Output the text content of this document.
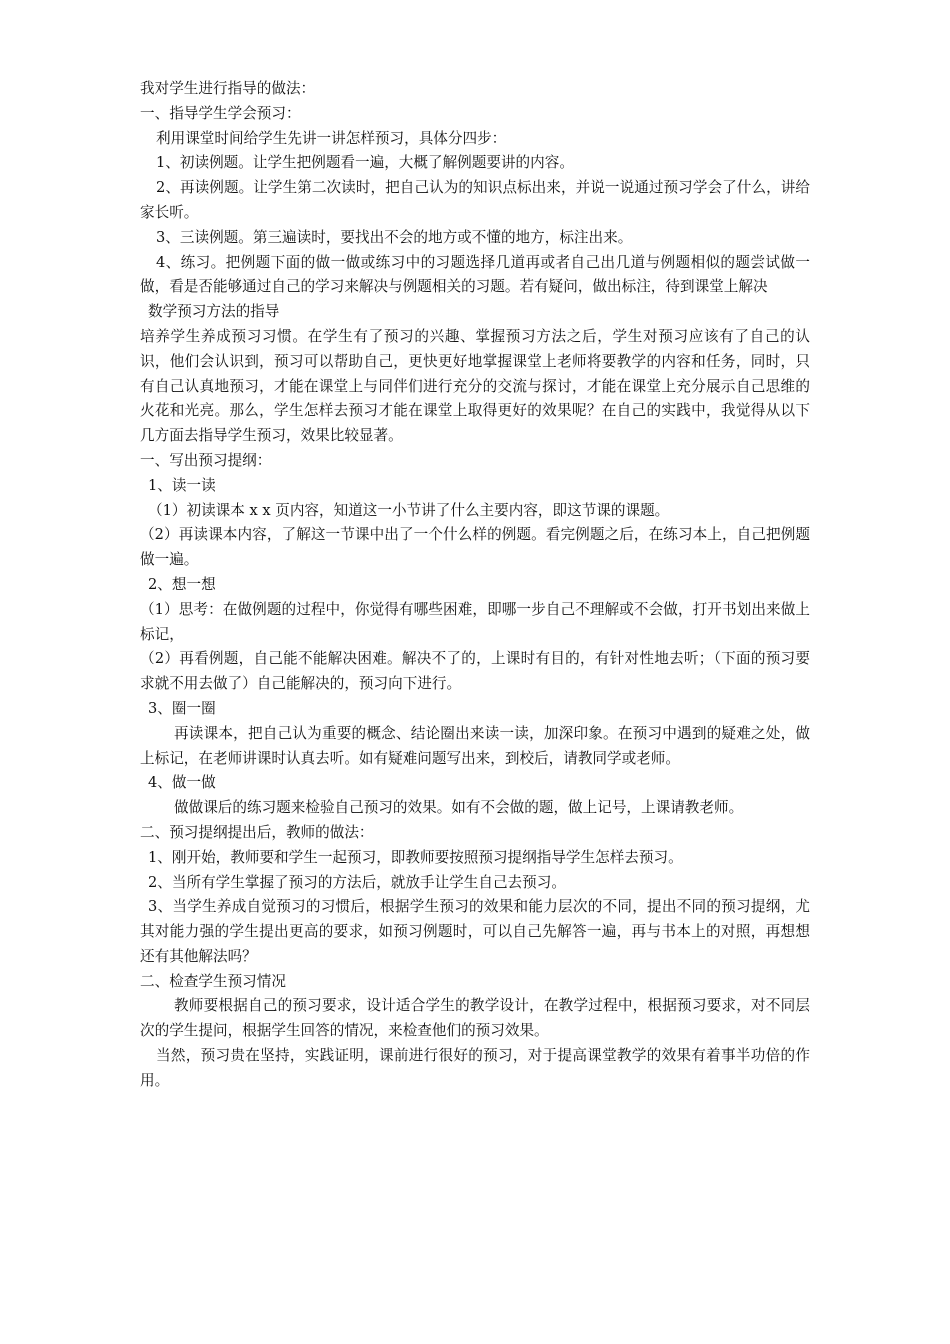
我对学生进行指导的做法：

一、指导学生学会预习：

利用课堂时间给学生先讲一讲怎样预习，具体分四步：

1、初读例题。让学生把例题看一遍，大概了解例题要讲的内容。

2、再读例题。让学生第二次读时，把自己认为的知识点标出来，并说一说通过预习学会了什么，讲给家长听。

3、三读例题。第三遍读时，要找出不会的地方或不懂的地方，标注出来。

4、练习。把例题下面的做一做或练习中的习题选择几道再或者自己出几道与例题相似的题尝试做一做，看是否能够通过自己的学习来解决与例题相关的习题。若有疑问，做出标注，待到课堂上解决

数学预习方法的指导

培养学生养成预习习惯。在学生有了预习的兴趣、掌握预习方法之后，学生对预习应该有了自己的认识，他们会认识到，预习可以帮助自己，更快更好地掌握课堂上老师将要教学的内容和任务，同时，只有自己认真地预习，才能在课堂上与同伴们进行充分的交流与探讨，才能在课堂上充分展示自己思维的火花和光亮。那么，学生怎样去预习才能在课堂上取得更好的效果呢？在自己的实践中，我觉得从以下几方面去指导学生预习，效果比较显著。

一、写出预习提纲：

1、读一读

（1）初读课本 x x 页内容，知道这一小节讲了什么主要内容，即这节课的课题。

（2）再读课本内容，了解这一节课中出了一个什么样的例题。看完例题之后，在练习本上，自己把例题做一遍。

2、想一想

（1）思考：在做例题的过程中，你觉得有哪些困难，即哪一步自己不理解或不会做，打开书划出来做上标记，

（2）再看例题，自己能不能解决困难。解决不了的，上课时有目的，有针对性地去听；（下面的预习要求就不用去做了）自己能解决的，预习向下进行。

3、圈一圈

再读课本，把自己认为重要的概念、结论圈出来读一读，加深印象。在预习中遇到的疑难之处，做上标记，在老师讲课时认真去听。如有疑难问题写出来，到校后，请教同学或老师。

4、做一做

做做课后的练习题来检验自己预习的效果。如有不会做的题，做上记号，上课请教老师。

二、预习提纲提出后，教师的做法：

1、刚开始，教师要和学生一起预习，即教师要按照预习提纲指导学生怎样去预习。

2、当所有学生掌握了预习的方法后，就放手让学生自己去预习。

3、当学生养成自觉预习的习惯后，根据学生预习的效果和能力层次的不同，提出不同的预习提纲，尤其对能力强的学生提出更高的要求，如预习例题时，可以自己先解答一遍，再与书本上的对照，再想想还有其他解法吗？

二、检查学生预习情况

教师要根据自己的预习要求，设计适合学生的教学设计，在教学过程中，根据预习要求，对不同层次的学生提问，根据学生回答的情况，来检查他们的预习效果。

当然，预习贵在坚持，实践证明，课前进行很好的预习，对于提高课堂教学的效果有着事半功倍的作用。
